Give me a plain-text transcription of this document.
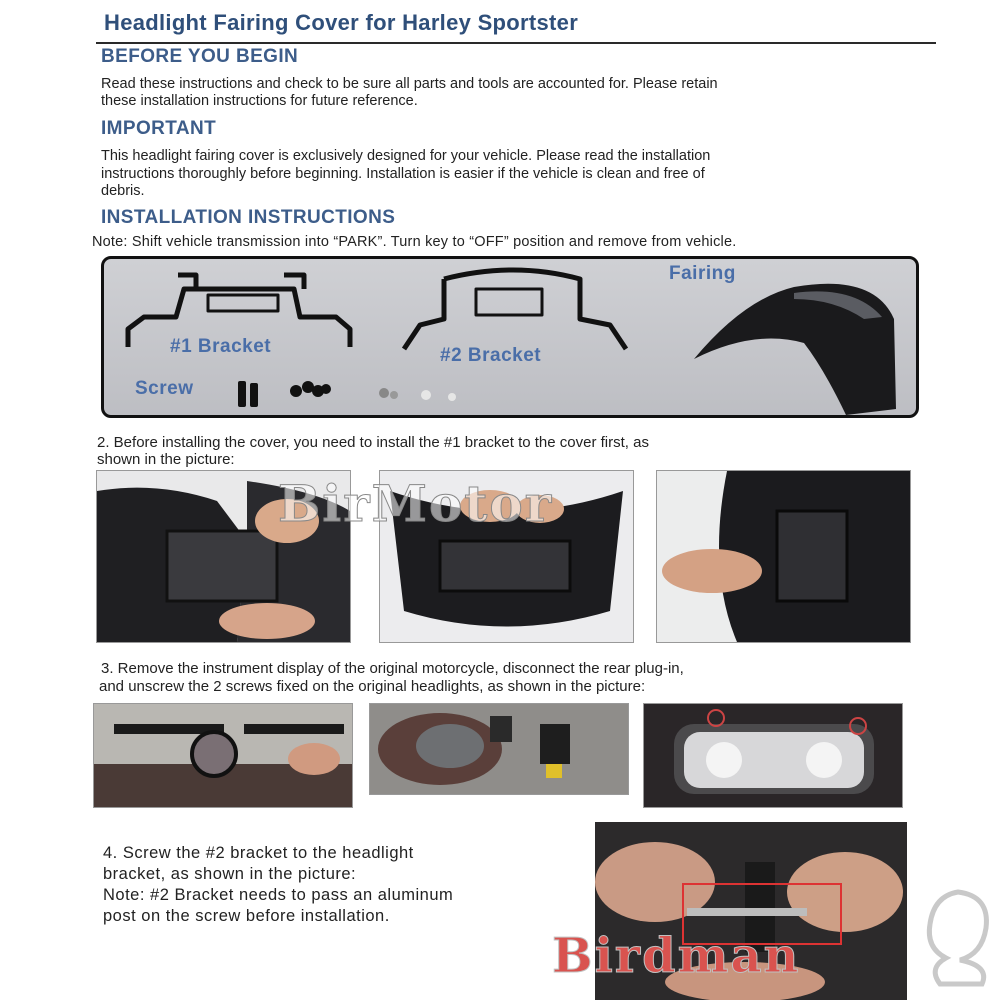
Headlight Fairing Cover for Harley Sportster
BEFORE YOU BEGIN
Read these instructions and check to be sure all parts and tools are accounted for. Please retain
these installation instructions for future reference.
IMPORTANT
This headlight fairing cover is exclusively designed for your vehicle. Please read the installation
instructions thoroughly before beginning. Installation is easier if the vehicle is clean and free of
debris.
INSTALLATION INSTRUCTIONS
Note: Shift vehicle transmission into “PARK”. Turn key to “OFF” position and remove from vehicle.
#1 Bracket	#2 Bracket
Fairing
Screw
2. Before installing the cover, you need to install the #1 bracket to the cover first, as
shown in the picture:
BirMotor
3. Remove the instrument display of the original motorcycle, disconnect the rear plug-in,
and unscrew the 2 screws fixed on the original headlights, as shown in the picture:
4. Screw the #2 bracket to the headlight
bracket, as shown in the picture:
Note: #2 Bracket needs to pass an aluminum
post on the screw before installation.
Birdman
